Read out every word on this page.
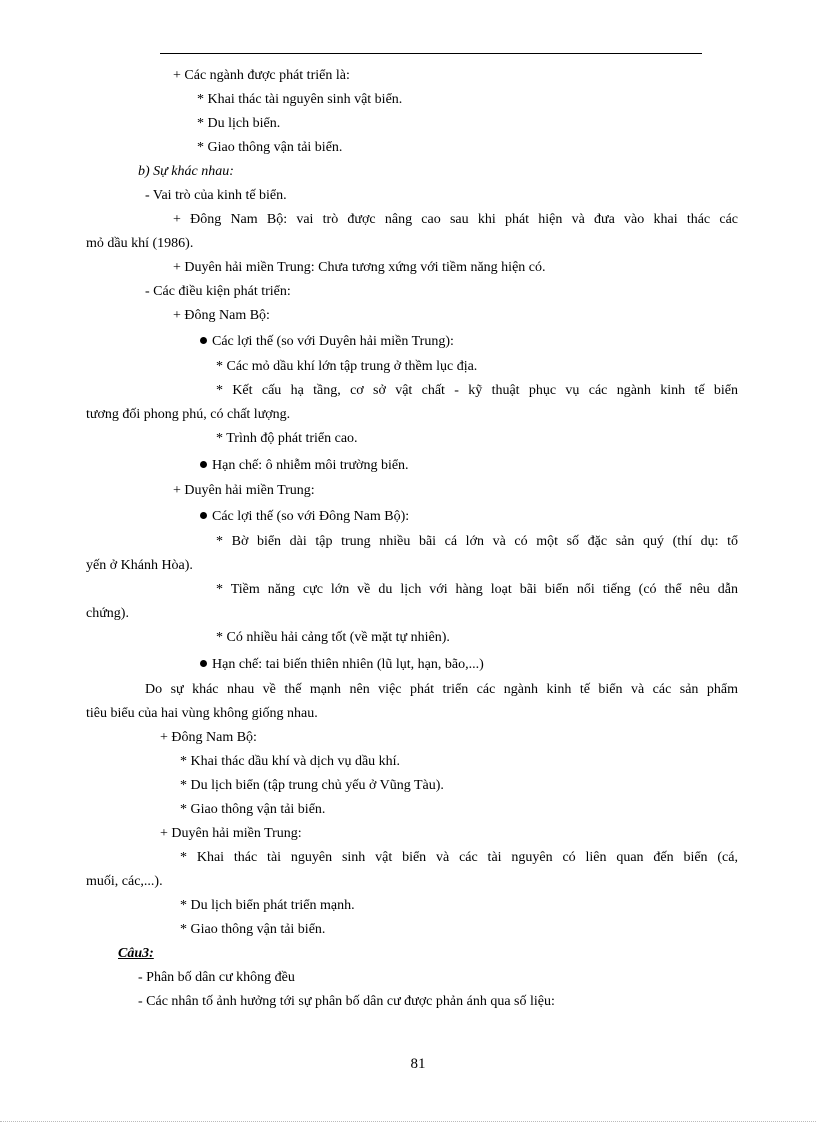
+ Các ngành được phát triển là:
* Khai thác tài nguyên sinh vật biển.
* Du lịch biển.
* Giao thông vận tải biển.
b) Sự khác nhau:
- Vai trò của kinh tế biển.
+ Đông Nam Bộ: vai trò được nâng cao sau khi phát hiện và đưa vào khai thác các
mỏ dầu khí (1986).
+ Duyên hải miền Trung: Chưa tương xứng với tiềm năng hiện có.
- Các điều kiện phát triển:
+ Đông Nam Bộ:
Các lợi thế (so với Duyên hải miền Trung):
* Các mỏ dầu khí lớn tập trung ở thềm lục địa.
* Kết cấu hạ tầng, cơ sở vật chất - kỹ thuật phục vụ các ngành kinh tế biển
tương đối phong phú, có chất lượng.
* Trình độ phát triển cao.
Hạn chế: ô nhiễm môi trường biển.
+ Duyên hải miền Trung:
Các lợi thế (so với Đông Nam Bộ):
* Bờ biển dài tập trung nhiều bãi cá lớn và có một số đặc sản quý (thí dụ: tổ
yến ở Khánh Hòa).
* Tiềm năng cực lớn về du lịch với hàng loạt bãi biển nổi tiếng (có thể nêu dẫn
chứng).
* Có nhiều hải cảng tốt (về mặt tự nhiên).
Hạn chế: tai biến thiên nhiên (lũ lụt, hạn, bão,...)
Do sự khác nhau về thế mạnh nên việc phát triển các ngành kinh tế biển và các sản phẩm
tiêu biểu của hai vùng không giống nhau.
+ Đông Nam Bộ:
* Khai thác dầu khí và dịch vụ dầu khí.
* Du lịch biển (tập trung chủ yếu ở Vũng Tàu).
* Giao thông vận tải biển.
+ Duyên hải miền Trung:
* Khai thác tài nguyên sinh vật biển và các tài nguyên có liên quan đến biển (cá,
muối, các,...).
* Du lịch biển phát triển mạnh.
* Giao thông vận tải biển.
Câu3:
- Phân bố dân cư không đều
- Các nhân tố ảnh hưởng tới sự phân bố dân cư được phản ánh qua số liệu:
81
